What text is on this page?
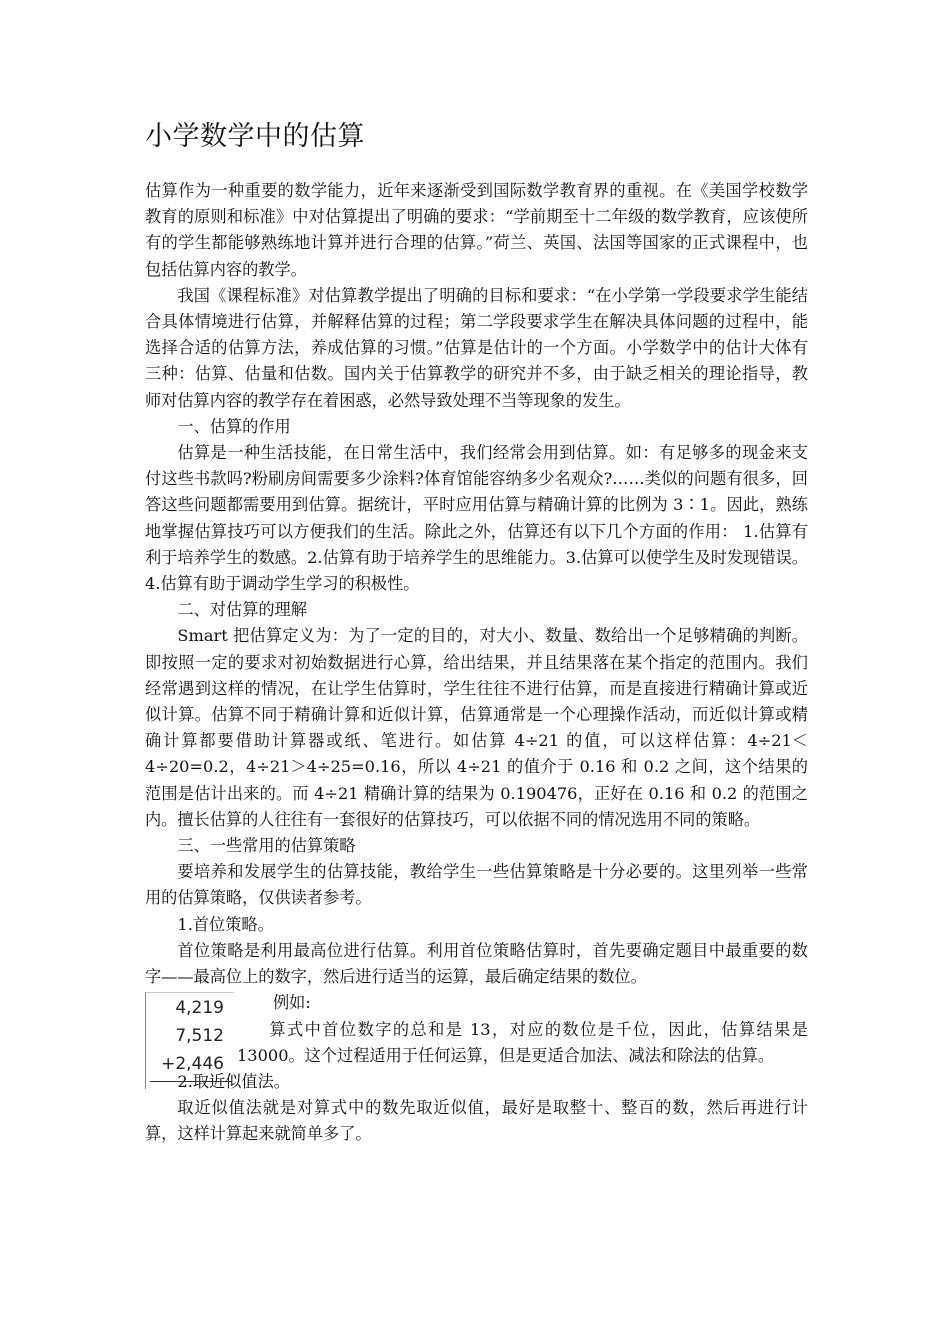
小学数学中的估算

估算作为一种重要的数学能力，近年来逐渐受到国际数学教育界的重视。在《美国学校数学教育的原则和标准》中对估算提出了明确的要求：“学前期至十二年级的数学教育，应该使所有的学生都能够熟练地计算并进行合理的估算。”荷兰、英国、法国等国家的正式课程中，也包括估算内容的教学。

我国《课程标准》对估算教学提出了明确的目标和要求：“在小学第一学段要求学生能结合具体情境进行估算，并解释估算的过程；第二学段要求学生在解决具体问题的过程中，能选择合适的估算方法，养成估算的习惯。”估算是估计的一个方面。小学数学中的估计大体有三种：估算、估量和估数。国内关于估算教学的研究并不多，由于缺乏相关的理论指导，教师对估算内容的教学存在着困惑，必然导致处理不当等现象的发生。

一、估算的作用

估算是一种生活技能，在日常生活中，我们经常会用到估算。如：有足够多的现金来支付这些书款吗?粉刷房间需要多少涂料?体育馆能容纳多少名观众?……类似的问题有很多，回答这些问题都需要用到估算。据统计，平时应用估算与精确计算的比例为 3∶1。因此，熟练地掌握估算技巧可以方便我们的生活。除此之外，估算还有以下几个方面的作用： 1.估算有利于培养学生的数感。2.估算有助于培养学生的思维能力。3.估算可以使学生及时发现错误。4.估算有助于调动学生学习的积极性。

二、对估算的理解

Smart 把估算定义为：为了一定的目的，对大小、数量、数给出一个足够精确的判断。即按照一定的要求对初始数据进行心算，给出结果，并且结果落在某个指定的范围内。我们经常遇到这样的情况，在让学生估算时，学生往往不进行估算，而是直接进行精确计算或近似计算。估算不同于精确计算和近似计算，估算通常是一个心理操作活动，而近似计算或精确计算都要借助计算器或纸、笔进行。如估算 4÷21 的值，可以这样估算：4÷21＜4÷20=0.2，4÷21＞4÷25=0.16，所以 4÷21 的值介于 0.16 和 0.2 之间，这个结果的范围是估计出来的。而 4÷21 精确计算的结果为 0.190476，正好在 0.16 和 0.2 的范围之内。擅长估算的人往往有一套很好的估算技巧，可以依据不同的情况选用不同的策略。

三、一些常用的估算策略

要培养和发展学生的估算技能，教给学生一些估算策略是十分必要的。这里列举一些常用的估算策略，仅供读者参考。

1.首位策略。

首位策略是利用最高位进行估算。利用首位策略估算时，首先要确定题目中最重要的数字——最高位上的数字，然后进行适当的运算，最后确定结果的数位。

4,219
7,512
+2,446

例如:

算式中首位数字的总和是 13，对应的数位是千位，因此，估算结果是 13000。这个过程适用于任何运算，但是更适合加法、减法和除法的估算。

2.取近似值法。

取近似值法就是对算式中的数先取近似值，最好是取整十、整百的数，然后再进行计算，这样计算起来就简单多了。
